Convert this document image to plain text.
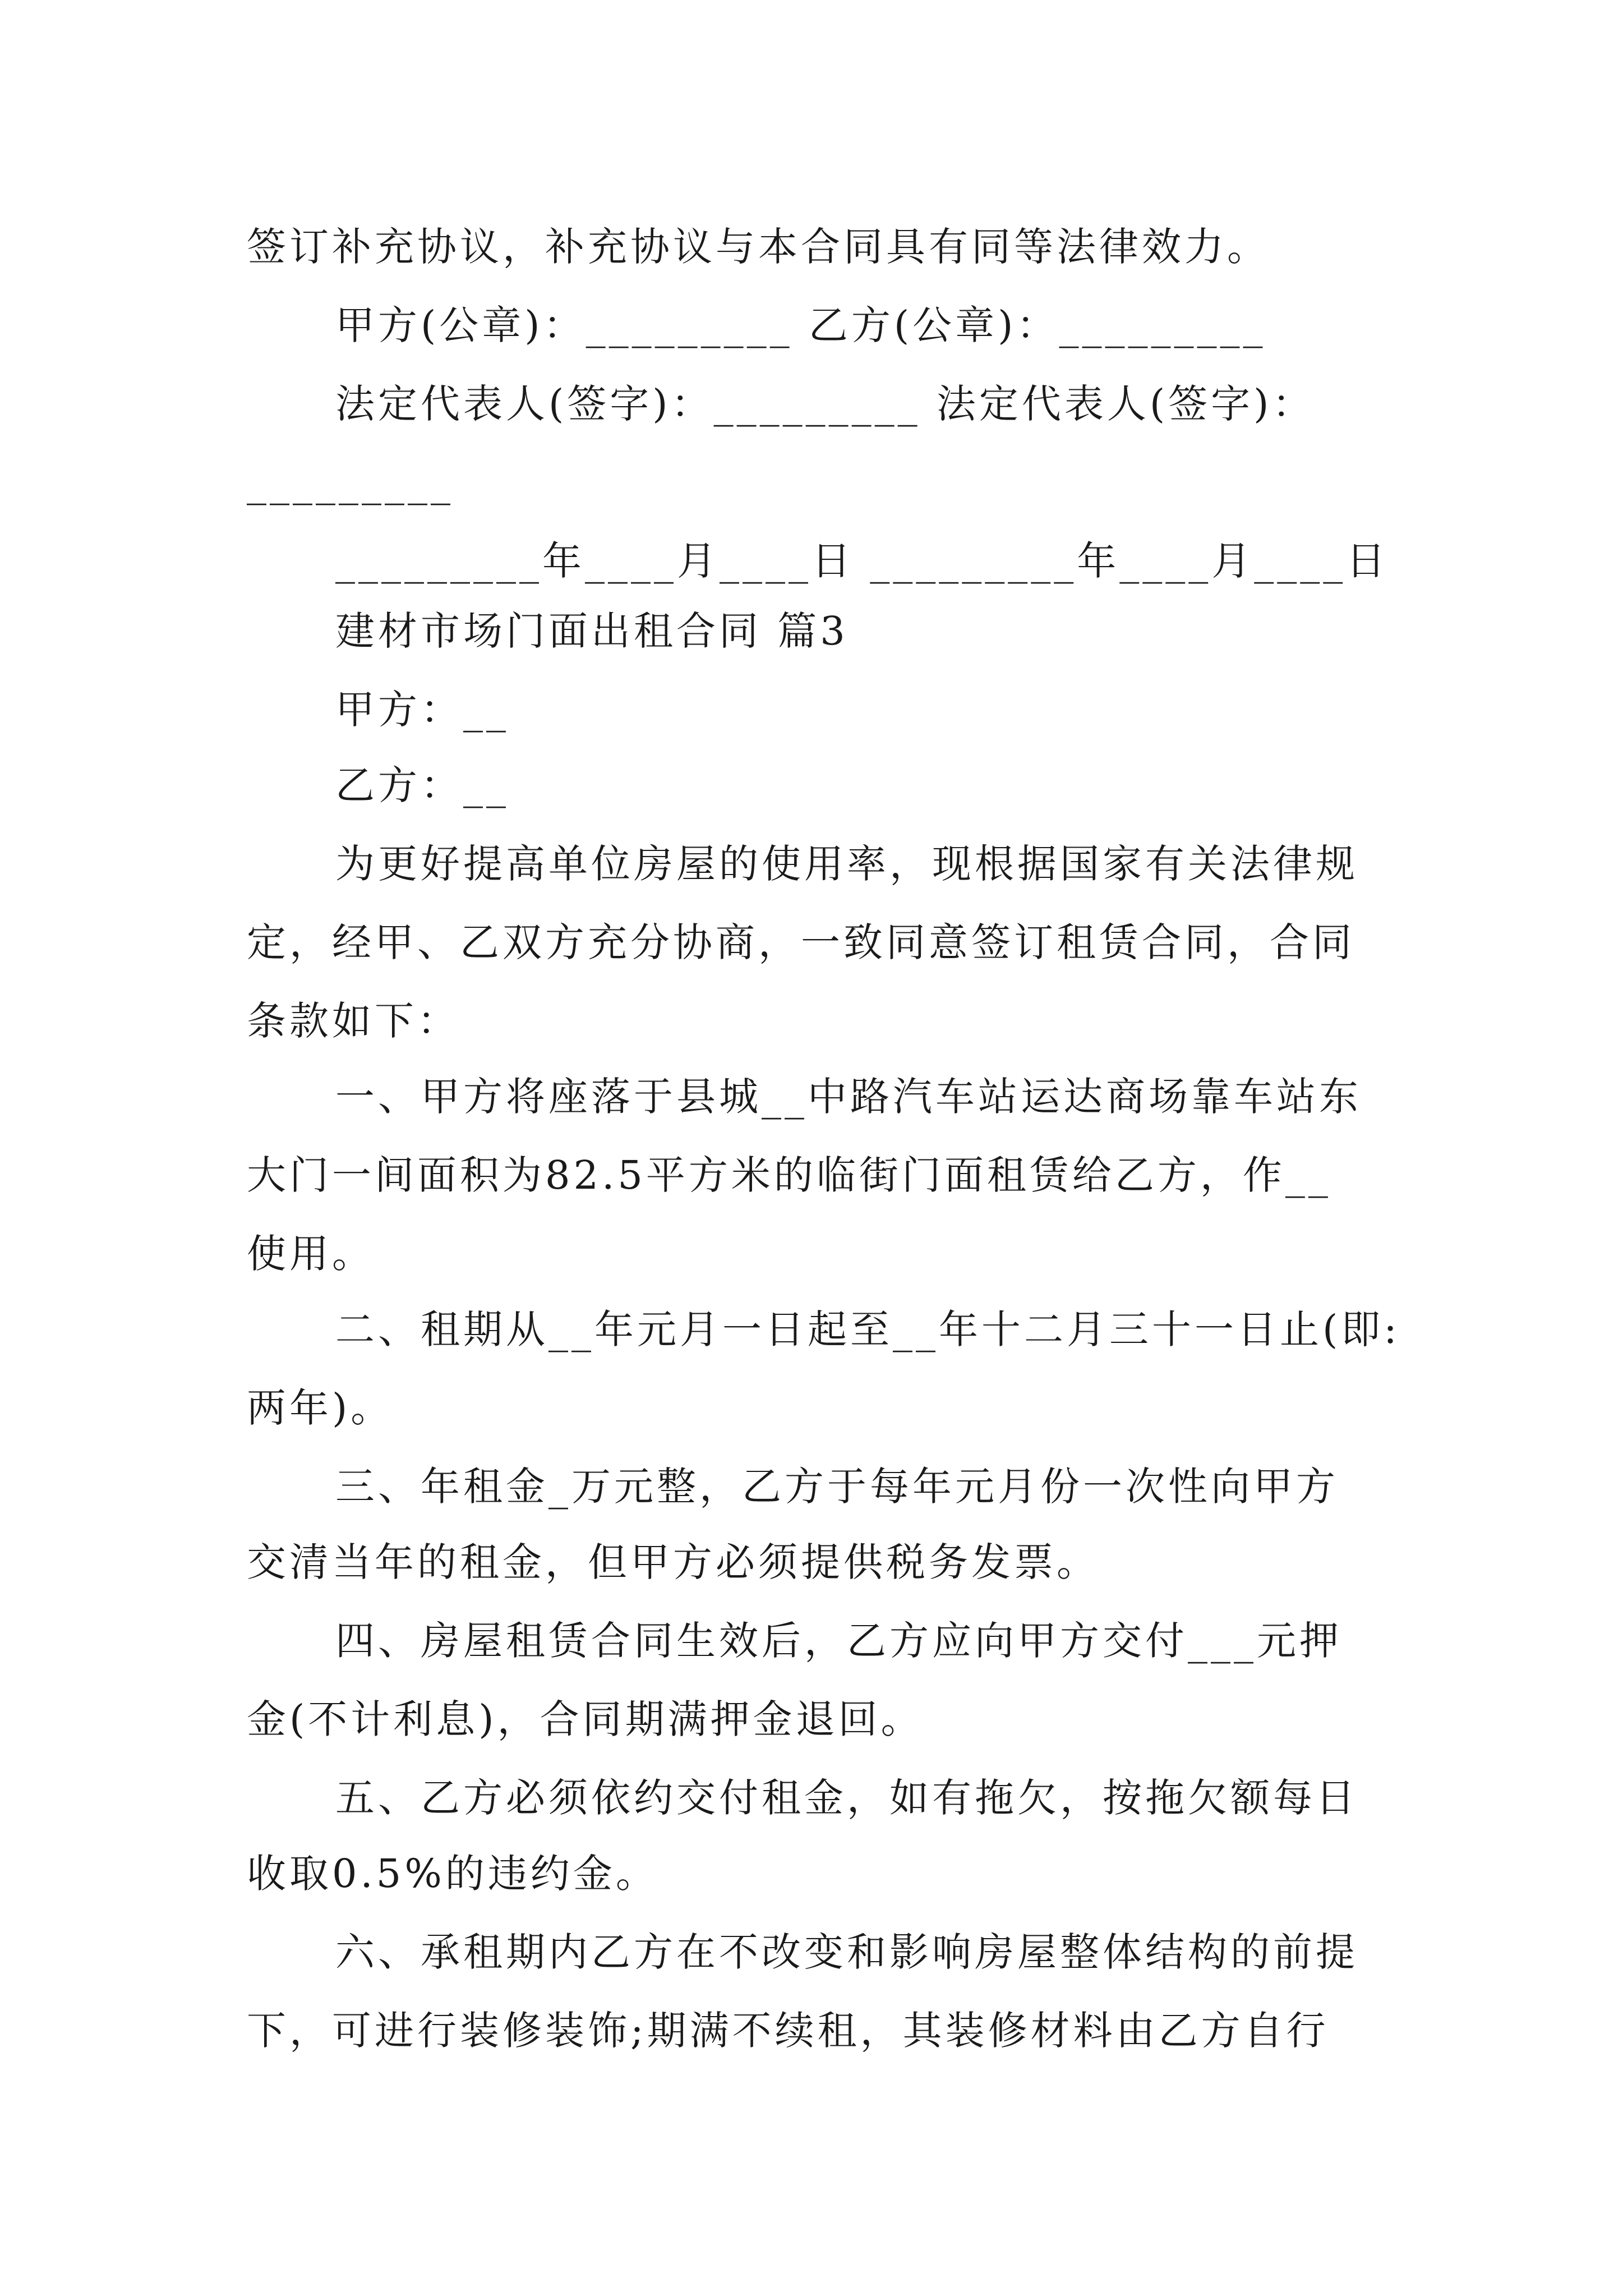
签订补充协议，补充协议与本合同具有同等法律效力。
甲方(公章)：_________ 乙方(公章)：_________
法定代表人(签字)：_________ 法定代表人(签字)：
_________
_________年____月____日 _________年____月____日
建材市场门面出租合同 篇3
甲方：__
乙方：__
为更好提高单位房屋的使用率，现根据国家有关法律规
定，经甲、乙双方充分协商，一致同意签订租赁合同，合同
条款如下：
一、甲方将座落于县城__中路汽车站运达商场靠车站东
大门一间面积为82.5平方米的临街门面租赁给乙方，作__
使用。
二、租期从__年元月一日起至__年十二月三十一日止(即:
两年)。
三、年租金_万元整，乙方于每年元月份一次性向甲方
交清当年的租金，但甲方必须提供税务发票。
四、房屋租赁合同生效后，乙方应向甲方交付___元押
金(不计利息)，合同期满押金退回。
五、乙方必须依约交付租金，如有拖欠，按拖欠额每日
收取0.5%的违约金。
六、承租期内乙方在不改变和影响房屋整体结构的前提
下，可进行装修装饰;期满不续租，其装修材料由乙方自行
